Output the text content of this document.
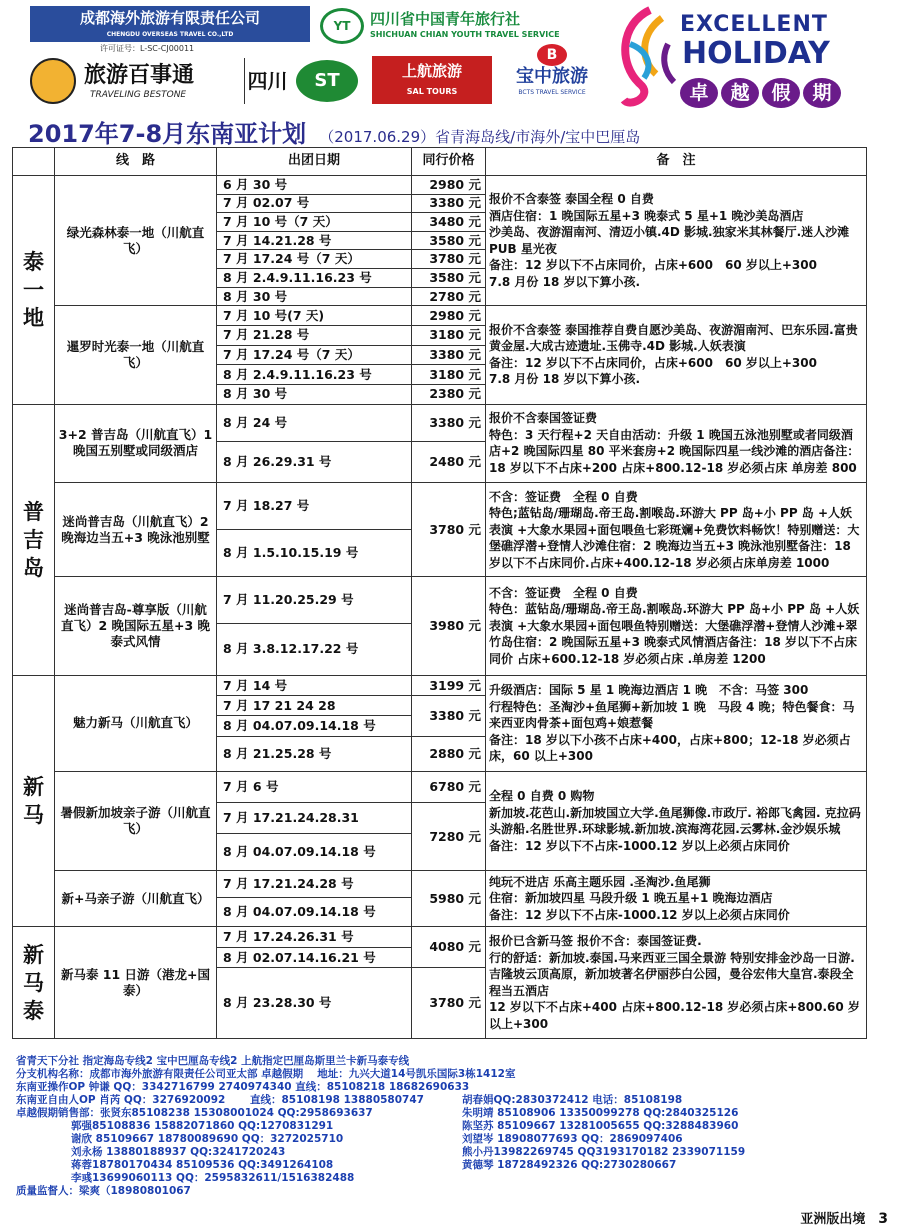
成都海外旅游有限责任公司
CHENGDU OVERSEAS TRAVEL CO.,LTD
许可证号：L-SC-CJ00011
YT	四川省中国青年旅行社
SHICHUAN CHIAN YOUTH TRAVEL SERVICE	EXCELLENT
HOLIDAY
卓	越	假	期
旅游百事通
TRAVELING BESTONE
四川	ST	上航旅游
SAL TOURS
B
宝中旅游
BCTS TRAVEL SERVICE
2017年7-8月东南亚计划 （2017.06.29）省青海岛线/市海外/宝中巴厘岛
	线　路	出团日期	同行价格	备　注
泰一地	绿光森林泰一地（川航直飞）	6 月 30 号	2980 元	报价不含泰签 泰国全程 0 自费
酒店住宿：1 晚国际五星+3 晚泰式 5 星+1 晚沙美岛酒店
沙美岛、夜游湄南河、清迈小镇.4D 影城.独家米其林餐厅.迷人沙滩 PUB 星光夜
备注：12 岁以下不占床同价，占床+600　60 岁以上+300
7.8 月份 18 岁以下算小孩.
		7 月 02.07 号	3380 元	
		7 月 10 号（7 天）	3480 元	
		7 月 14.21.28 号	3580 元	
		7 月 17.24 号（7 天）	3780 元	
		8 月 2.4.9.11.16.23 号	3580 元	
		8 月 30 号	2780 元	
	暹罗时光泰一地（川航直飞）	7 月 10 号(7 天)	2980 元	报价不含泰签 泰国推荐自费自愿沙美岛、夜游湄南河、巴东乐园.富贵黄金屋.大成古迹遗址.玉佛寺.4D 影城.人妖表演
备注：12 岁以下不占床同价，占床+600　60 岁以上+300
7.8 月份 18 岁以下算小孩.
		7 月 21.28 号	3180 元	
		7 月 17.24 号（7 天）	3380 元	
		8 月 2.4.9.11.16.23 号	3180 元	
		8 月 30 号	2380 元	
普吉岛	3+2 普吉岛（川航直飞）1 晚国五别墅或同级酒店	8 月 24 号	3380 元	报价不含泰国签证费
特色：3 天行程+2 天自由活动：升级 1 晚国五泳池别墅或者同级酒店+2 晚国际四星 80 平米套房+2 晚国际四星一线沙滩的酒店备注：18 岁以下不占床+200 占床+800.12-18 岁必须占床 单房差 800
		8 月 26.29.31 号	2480 元	
	迷尚普吉岛（川航直飞）2 晚海边当五+3 晚泳池别墅	7 月 18.27 号	3780 元	不含：签证费　全程 0 自费
特色;蓝钻岛/珊瑚岛.帝王岛.割喉岛.环游大 PP 岛+小 PP 岛 +人妖表演 +大象水果园+面包喂鱼七彩斑斓+免费饮料畅饮！特别赠送：大堡礁浮潜+登情人沙滩住宿：2 晚海边当五+3 晚泳池别墅备注：18 岁以下不占床同价.占床+400.12-18 岁必须占床单房差 1000
		8 月 1.5.10.15.19 号		
	迷尚普吉岛-尊享版（川航直飞）2 晚国际五星+3 晚泰式风情	7 月 11.20.25.29 号	3980 元	不含：签证费　全程 0 自费
特色：蓝钻岛/珊瑚岛.帝王岛.割喉岛.环游大 PP 岛+小 PP 岛 +人妖表演 +大象水果园+面包喂鱼特别赠送：大堡礁浮潜+登情人沙滩+翠竹岛住宿：2 晚国际五星+3 晚泰式风情酒店备注：18 岁以下不占床同价 占床+600.12-18 岁必须占床 .单房差 1200
		8 月 3.8.12.17.22 号		
新马	魅力新马（川航直飞）	7 月 14 号	3199 元	升级酒店：国际 5 星 1 晚海边酒店 1 晚　不含：马签 300
行程特色：圣淘沙+鱼尾狮+新加坡 1 晚　马段 4 晚；特色餐食：马来西亚肉骨茶+面包鸡+娘惹餐
备注：18 岁以下小孩不占床+400，占床+800；12-18 岁必须占床，60 以上+300
		7 月 17 21 24 28	3380 元	
		8 月 04.07.09.14.18 号		
		8 月 21.25.28 号	2880 元	
	暑假新加坡亲子游（川航直飞）	7 月 6 号	6780 元	全程 0 自费 0 购物
新加坡.花芭山.新加坡国立大学.鱼尾狮像.市政厅. 裕郎飞禽园. 克拉码头游船.名胜世界.环球影城.新加坡.滨海湾花园.云雾林.金沙娱乐城
备注：12 岁以下不占床-1000.12 岁以上必须占床同价
		7 月 17.21.24.28.31	7280 元	
		8 月 04.07.09.14.18 号		
	新+马亲子游（川航直飞）	7 月 17.21.24.28 号	5980 元	纯玩不进店 乐高主题乐园 .圣淘沙.鱼尾狮
住宿：新加坡四星 马段升级 1 晚五星+1 晚海边酒店
备注：12 岁以下不占床-1000.12 岁以上必须占床同价
		8 月 04.07.09.14.18 号		
新马泰	新马泰 11 日游（港龙+国泰）	7 月 17.24.26.31 号	4080 元	报价已含新马签 报价不含：泰国签证费.
行的舒适：新加坡.泰国.马来西亚三国全景游 特别安排金沙岛一日游. 吉隆坡云顶高原，新加坡著名伊丽莎白公园，曼谷宏伟大皇宫.泰段全程当五酒店
12 岁以下不占床+400 占床+800.12-18 岁必须占床+800.60 岁以上+300
		8 月 02.07.14.16.21 号		
		8 月 23.28.30 号	3780 元	
省青天下分社 指定海岛专线2 宝中巴厘岛专线2 上航指定巴厘岛斯里兰卡新马泰专线
分支机构名称：成都市海外旅游有限责任公司亚太部 卓越假期　 地址：九兴大道14号凯乐国际3栋1412室
东南亚操作OP 钟谦 QQ：3342716799 2740974340 直线：85108218 18682690633
东南亚自由人OP 肖芮 QQ：3276920092　　 直线：85108198 13880580747
卓越假期销售部：张贤东85108238 15308001024 QQ:2958693637
郭强85108836 15882071860 QQ:1270831291
谢欣 85109667 18780089690 QQ：3272025710
刘永杨 13880188937 QQ:3241720243
蒋蓉18780170434 85109536 QQ:3491264108
李彧13699060113 QQ：2595832611/1516382488
质量监督人：梁爽（18980801067
胡春娟QQ:2830372412 电话：85108198
朱明靖 85108906 13350099278 QQ:2840325126
陈坚苏 85109667 13281005655 QQ:3288483960
刘望岑 18908077693 QQ：2869097406
熊小丹13982269745 QQ3193170182 2339071159
黄德琴 18728492326 QQ:2730280667
亚洲版出境 3
